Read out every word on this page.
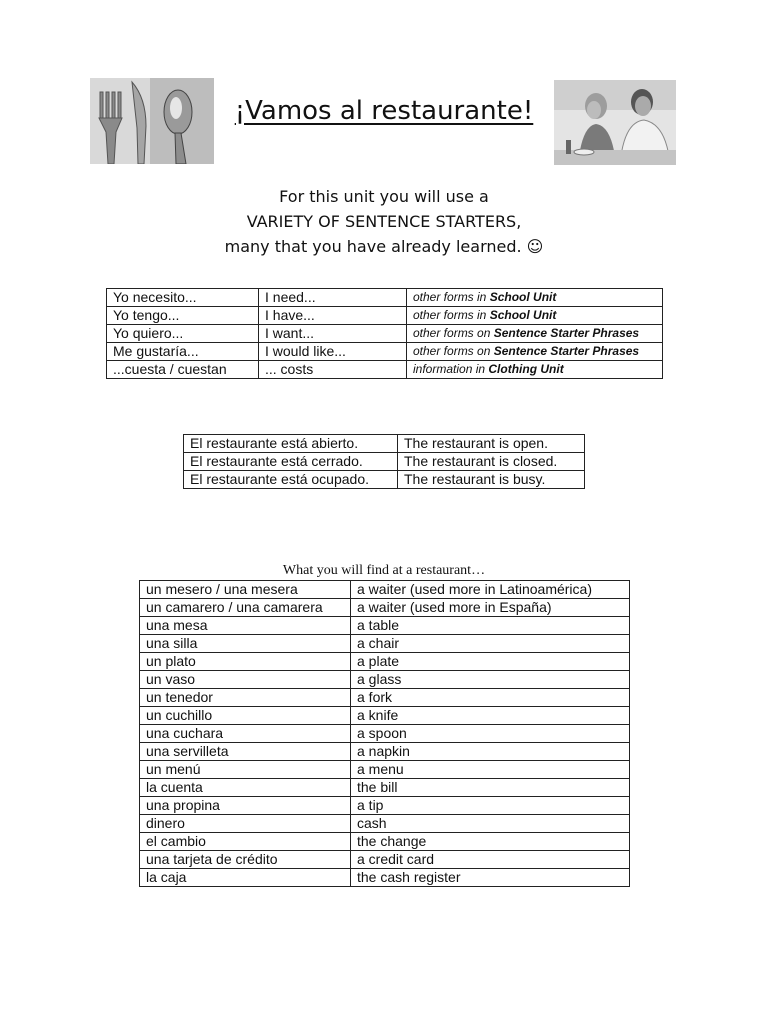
¡Vamos al restaurante!
For this unit you will use a
VARIETY OF SENTENCE STARTERS,
many that you have already learned. ☺
Yo necesito...	I need...	other forms in School Unit
Yo tengo...	I have...	other forms in School Unit
Yo quiero...	I want...	other forms on Sentence Starter Phrases
Me gustaría...	I would like...	other forms on Sentence Starter Phrases
...cuesta / cuestan	... costs	information in Clothing Unit
El restaurante está abierto.	The restaurant is open.
El restaurante está cerrado.	The restaurant is closed.
El restaurante está ocupado.	The restaurant is busy.
What you will find at a restaurant…
un mesero / una mesera	a waiter (used more in Latinoamérica)
un camarero / una camarera	a waiter (used more in España)
una mesa	a table
una silla	a chair
un plato	a plate
un vaso	a glass
un tenedor	a fork
un cuchillo	a knife
una cuchara	a spoon
una servilleta	a napkin
un menú	a menu
la cuenta	the bill
una propina	a tip
dinero	cash
el cambio	the change
una tarjeta de crédito	a credit card
la caja	the cash register
